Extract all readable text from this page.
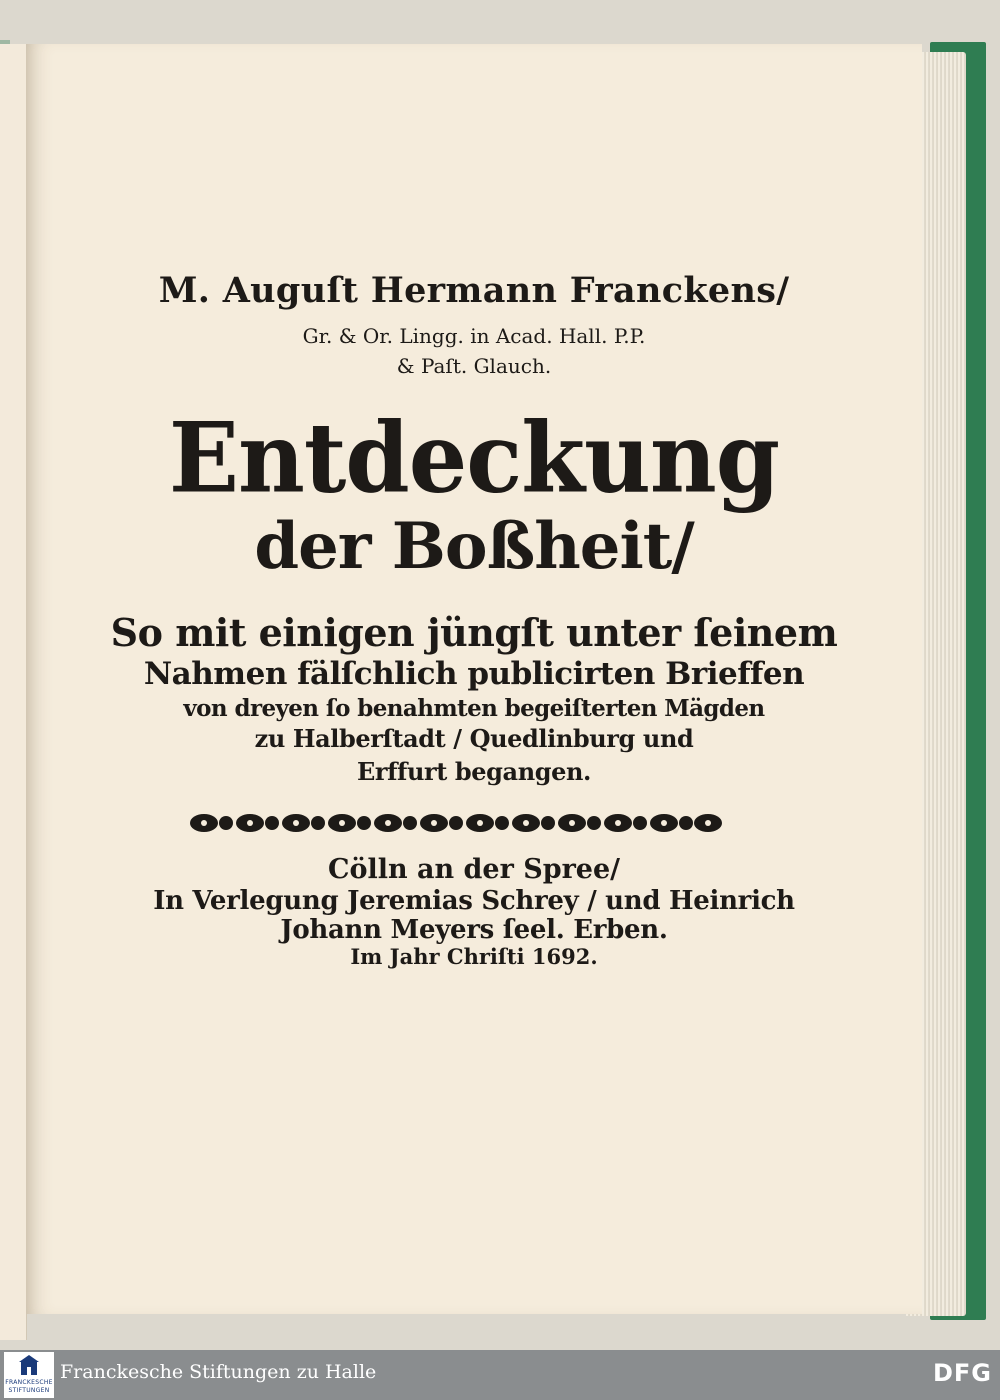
M. Auguſt Hermann Franckens/
Gr. & Or. Lingg. in Acad. Hall. P.P.
& Paſt. Glauch.
Entdeckung
der Boßheit/
So mit einigen jüngſt unter ſeinem
Nahmen fälſchlich publicirten Brieffen
von dreyen ſo benahmten begeiſterten Mägden
zu Halberſtadt / Quedlinburg und
Erffurt begangen.
Cölln an der Spree/
In Verlegung Jeremias Schrey / und Heinrich
Johann Meyers ſeel. Erben.
Im Jahr Chriſti 1692.
FRANCKESCHE
STIFTUNGEN
Franckesche Stiftungen zu Halle	DFG
